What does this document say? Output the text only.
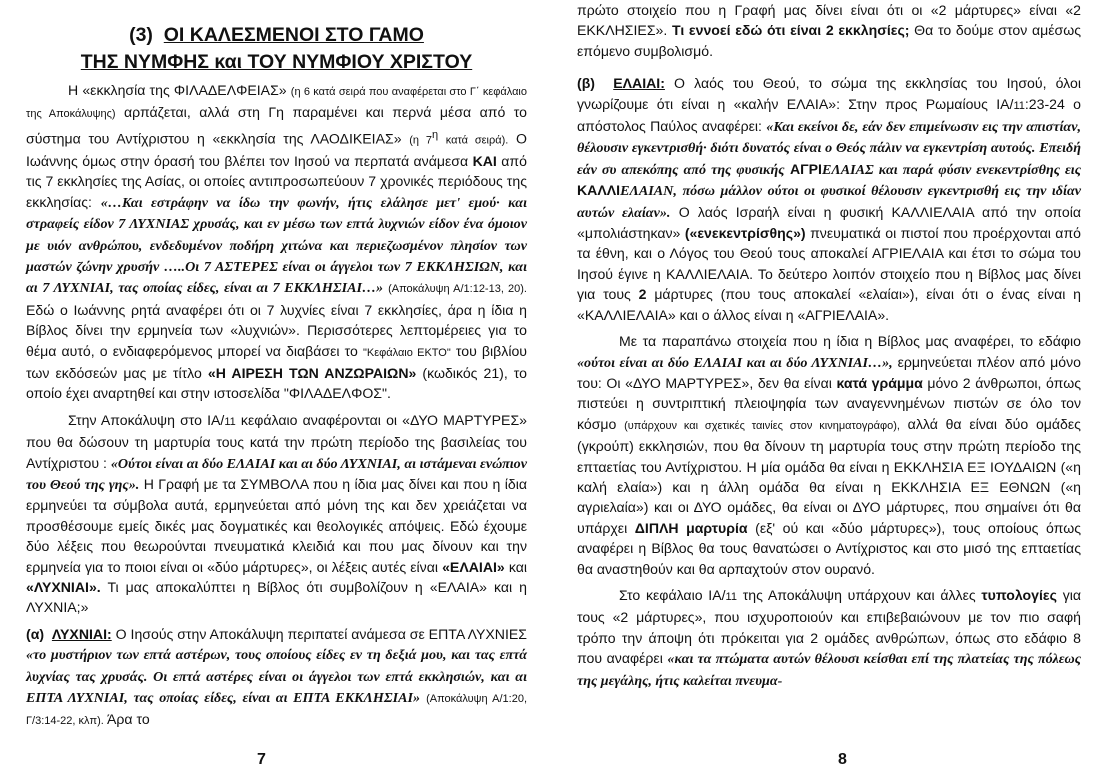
(3) ΟΙ ΚΑΛΕΣΜΕΝΟΙ ΣΤΟ ΓΑΜΟ
ΤΗΣ ΝΥΜΦΗΣ και ΤΟΥ ΝΥΜΦΙΟΥ ΧΡΙΣΤΟΥ

Η «εκκλησία της ΦΙΛΑΔΕΛΦΕΙΑΣ» (η 6 κατά σειρά που αναφέρεται στο Γ΄ κεφάλαιο της Αποκάλυψης) αρπάζεται, αλλά στη Γη παραμένει και περνά μέσα από το σύστημα του Αντίχριστου η «εκκλησία της ΛΑΟΔΙΚΕΙΑΣ» (η $7^\eta$ κατά σειρά). Ο Ιωάννης όμως στην όρασή του βλέπει τον Ιησού να περπατά ανάμεσα ΚΑΙ από τις 7 εκκλησίες της Ασίας, οι οποίες αντιπροσωπεύουν 7 χρονικές περιόδους της εκκλησίας: «…Και εστράφην να ίδω την φωνήν, ήτις ελάλησε μετ' εμού· και στραφείς είδον 7 ΛΥΧΝΙΑΣ χρυσάς, και εν μέσω των επτά λυχνιών είδον ένα όμοιον με υιόν ανθρώπου, ενδεδυμένον ποδήρη χιτώνα και περιεζωσμένον πλησίον των μαστών ζώνην χρυσήν …..Οι 7 ΑΣΤΕΡΕΣ είναι οι άγγελοι των 7 ΕΚΚΛΗΣΙΩΝ, και αι 7 ΛΥΧΝΙΑΙ, τας οποίας είδες, είναι αι 7 ΕΚΚΛΗΣΙΑΙ…» (Αποκάλυψη Α/1:12-13, 20). Εδώ ο Ιωάννης ρητά αναφέρει ότι οι 7 λυχνίες είναι 7 εκκλησίες, άρα η ίδια η Βίβλος δίνει την ερμηνεία των «λυχνιών». Περισσότερες λεπτομέρειες για το θέμα αυτό, ο ενδιαφερόμενος μπορεί να διαβάσει το "Κεφάλαιο ΕΚΤΟ" του βιβλίου των εκδόσεών μας με τίτλο «Η ΑΙΡΕΣΗ ΤΩΝ ΑΝΖΩΡΑΙΩΝ» (κωδικός 21), το οποίο έχει αναρτηθεί και στην ιστοσελίδα "ΦΙΛΑΔΕΛΦΟΣ".

Στην Αποκάλυψη στο ΙΑ/11 κεφάλαιο αναφέρονται οι «ΔΥΟ ΜΑΡΤΥΡΕΣ» που θα δώσουν τη μαρτυρία τους κατά την πρώτη περίοδο της βασιλείας του Αντίχριστου : «Ούτοι είναι αι δύο ΕΛΑΙΑΙ και αι δύο ΛΥΧΝΙΑΙ, αι ιστάμεναι ενώπιον του Θεού της γης». Η Γραφή με τα ΣΥΜΒΟΛΑ που η ίδια μας δίνει και που η ίδια ερμηνεύει τα σύμβολα αυτά, ερμηνεύεται από μόνη της και δεν χρειάζεται να προσθέσουμε εμείς δικές μας δογματικές και θεολογικές απόψεις. Εδώ έχουμε δύο λέξεις που θεωρούνται πνευματικά κλειδιά και που μας δίνουν και την ερμηνεία για το ποιοι είναι οι «δύο μάρτυρες», οι λέξεις αυτές είναι «ΕΛΑΙΑΙ» και «ΛΥΧΝΙΑΙ». Τι μας αποκαλύπτει η Βίβλος ότι συμβολίζουν η «ΕΛΑΙΑ» και η ΛΥΧΝΙΑ;»

(α) ΛΥΧΝΙΑΙ: Ο Ιησούς στην Αποκάλυψη περιπατεί ανάμεσα σε ΕΠΤΑ ΛΥΧΝΙΕΣ «το μυστήριον των επτά αστέρων, τους οποίους είδες εν τη δεξιά μου, και τας επτά λυχνίας τας χρυσάς. Οι επτά αστέρες είναι οι άγγελοι των επτά εκκλησιών, και αι ΕΠΤΑ ΛΥΧΝΙΑΙ, τας οποίας είδες, είναι αι ΕΠΤΑ ΕΚΚΛΗΣΙΑΙ» (Αποκάλυψη Α/1:20, Γ/3:14-22, κλπ). Άρα το

7

πρώτο στοιχείο που η Γραφή μας δίνει είναι ότι οι «2 μάρτυρες» είναι «2 ΕΚΚΛΗΣΙΕΣ». Τι εννοεί εδώ ότι είναι 2 εκκλησίες; Θα το δούμε στον αμέσως επόμενο συμβολισμό.

(β) ΕΛΑΙΑΙ: Ο λαός του Θεού, το σώμα της εκκλησίας του Ιησού, όλοι γνωρίζουμε ότι είναι η «καλήν ΕΛΑΙΑ»: Στην προς Ρωμαίους ΙΑ/11:23-24 ο απόστολος Παύλος αναφέρει: «Και εκείνοι δε, εάν δεν επιμείνωσιν εις την απιστίαν, θέλουσιν εγκεντρισθή· διότι δυνατός είναι ο Θεός πάλιν να εγκεντρίση αυτούς. Επειδή εάν συ απεκόπης από της φυσικής ΑΓΡΙΕΛΑΙΑΣ και παρά φύσιν ενεκεντρίσθης εις ΚΑΛΛΙΕΛΑΙΑΝ, πόσω μάλλον ούτοι οι φυσικοί θέλουσιν εγκεντρισθή εις την ιδίαν αυτών ελαίαν». Ο λαός Ισραήλ είναι η φυσική ΚΑΛΛΙΕΛΑΙΑ από την οποία «μπολιάστηκαν» («ενεκεντρίσθης») πνευματικά οι πιστοί που προέρχονται από τα έθνη, και ο Λόγος του Θεού τους αποκαλεί ΑΓΡΙΕΛΑΙΑ και έτσι το σώμα του Ιησού έγινε η ΚΑΛΛΙΕΛΑΙΑ. Το δεύτερο λοιπόν στοιχείο που η Βίβλος μας δίνει για τους 2 μάρτυρες (που τους αποκαλεί «ελαίαι»), είναι ότι ο ένας είναι η «ΚΑΛΛΙΕΛΑΙΑ» και ο άλλος είναι η «ΑΓΡΙΕΛΑΙΑ».

Με τα παραπάνω στοιχεία που η ίδια η Βίβλος μας αναφέρει, το εδάφιο «ούτοι είναι αι δύο ΕΛΑΙΑΙ και αι δύο ΛΥΧΝΙΑΙ…», ερμηνεύεται πλέον από μόνο του: Οι «ΔΥΟ ΜΑΡΤΥΡΕΣ», δεν θα είναι κατά γράμμα μόνο 2 άνθρωποι, όπως πιστεύει η συντριπτική πλειοψηφία των αναγεννημένων πιστών σε όλο τον κόσμο (υπάρχουν και σχετικές ταινίες στον κινηματογράφο), αλλά θα είναι δύο ομάδες (γκρούπ) εκκλησιών, που θα δίνουν τη μαρτυρία τους στην πρώτη περίοδο της επταετίας του Αντίχριστου. Η μία ομάδα θα είναι η ΕΚΚΛΗΣΙΑ ΕΞ ΙΟΥΔΑΙΩΝ («η καλή ελαία») και η άλλη ομάδα θα είναι η ΕΚΚΛΗΣΙΑ ΕΞ ΕΘΝΩΝ («η αγριελαία») και οι ΔΥΟ ομάδες, θα είναι οι ΔΥΟ μάρτυρες, που σημαίνει ότι θα υπάρχει ΔΙΠΛΗ μαρτυρία (εξ' ού και «δύο μάρτυρες»), τους οποίους όπως αναφέρει η Βίβλος θα τους θανατώσει ο Αντίχριστος και στο μισό της επταετίας θα αναστηθούν και θα αρπαχτούν στον ουρανό.

Στο κεφάλαιο ΙΑ/11 της Αποκάλυψη υπάρχουν και άλλες τυπολογίες για τους «2 μάρτυρες», που ισχυροποιούν και επιβεβαιώνουν με τον πιο σαφή τρόπο την άποψη ότι πρόκειται για 2 ομάδες ανθρώπων, όπως στο εδάφιο 8 που αναφέρει «και τα πτώματα αυτών θέλουσι κείσθαι επί της πλατείας της πόλεως της μεγάλης, ήτις καλείται πνευμα-

8
